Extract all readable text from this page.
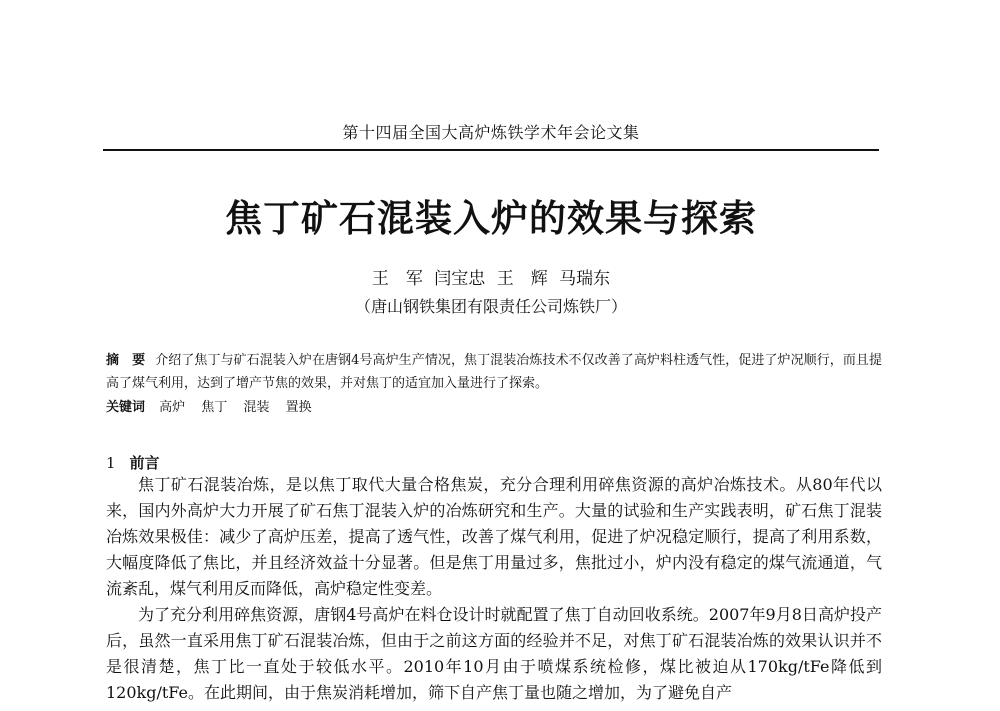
第十四届全国大高炉炼铁学术年会论文集
焦丁矿石混装入炉的效果与探索
王　军 闫宝忠 王　辉 马瑞东
（唐山钢铁集团有限责任公司炼铁厂）
摘　要 介绍了焦丁与矿石混装入炉在唐钢4号高炉生产情况，焦丁混装冶炼技术不仅改善了高炉料柱透气性，促进了炉况顺行，而且提高了煤气利用，达到了增产节焦的效果，并对焦丁的适宜加入量进行了探索。
关键词 高炉 焦丁 混装 置换
1 前言

焦丁矿石混装冶炼，是以焦丁取代大量合格焦炭，充分合理利用碎焦资源的高炉冶炼技术。从80年代以来，国内外高炉大力开展了矿石焦丁混装入炉的冶炼研究和生产。大量的试验和生产实践表明，矿石焦丁混装冶炼效果极佳：减少了高炉压差，提高了透气性，改善了煤气利用，促进了炉况稳定顺行，提高了利用系数，大幅度降低了焦比，并且经济效益十分显著。但是焦丁用量过多，焦批过小，炉内没有稳定的煤气流通道，气流紊乱，煤气利用反而降低，高炉稳定性变差。

为了充分利用碎焦资源，唐钢4号高炉在料仓设计时就配置了焦丁自动回收系统。2007年9月8日高炉投产后，虽然一直采用焦丁矿石混装冶炼，但由于之前这方面的经验并不足，对焦丁矿石混装冶炼的效果认识并不是很清楚，焦丁比一直处于较低水平。2010年10月由于喷煤系统检修，煤比被迫从170kg/tFe降低到120kg/tFe。在此期间，由于焦炭消耗增加，筛下自产焦丁量也随之增加，为了避免自产
